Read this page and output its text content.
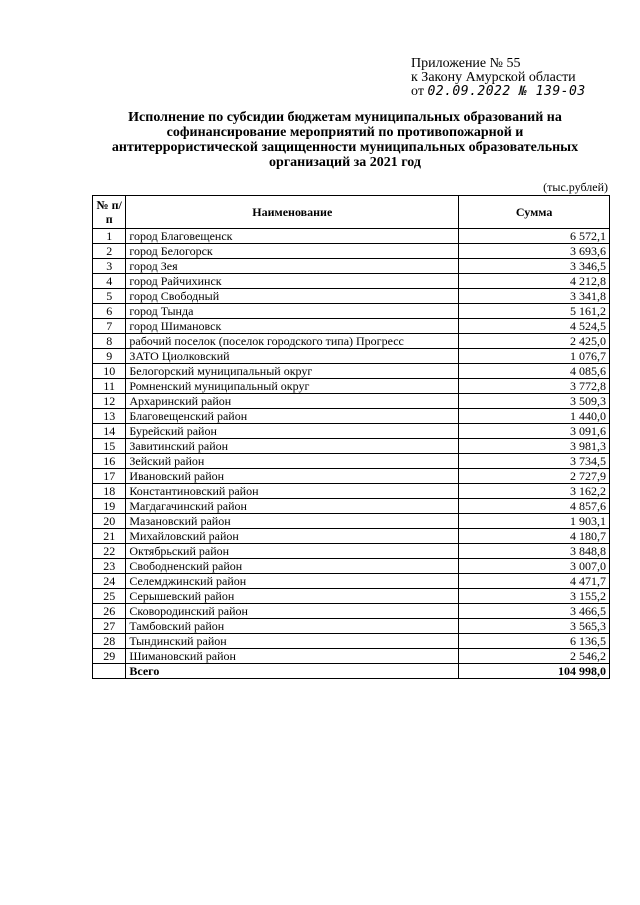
Приложение № 55
к Закону Амурской области
от 02.09.2022 № 139-03
Исполнение по субсидии бюджетам муниципальных образований на
софинансирование мероприятий по противопожарной и
антитеррористической защищенности муниципальных образовательных
организаций за 2021 год
(тыс.рублей)
№ п/п	Наименование	Сумма
1	город Благовещенск	6 572,1
2	город Белогорск	3 693,6
3	город Зея	3 346,5
4	город Райчихинск	4 212,8
5	город Свободный	3 341,8
6	город Тында	5 161,2
7	город Шимановск	4 524,5
8	рабочий поселок (поселок городского типа) Прогресс	2 425,0
9	ЗАТО Циолковский	1 076,7
10	Белогорский муниципальный округ	4 085,6
11	Ромненский муниципальный округ	3 772,8
12	Архаринский район	3 509,3
13	Благовещенский район	1 440,0
14	Бурейский район	3 091,6
15	Завитинский район	3 981,3
16	Зейский район	3 734,5
17	Ивановский район	2 727,9
18	Константиновский район	3 162,2
19	Магдагачинский район	4 857,6
20	Мазановский район	1 903,1
21	Михайловский район	4 180,7
22	Октябрьский район	3 848,8
23	Свободненский район	3 007,0
24	Селемджинский район	4 471,7
25	Серышевский район	3 155,2
26	Сковородинский район	3 466,5
27	Тамбовский район	3 565,3
28	Тындинский район	6 136,5
29	Шимановский район	2 546,2
	Всего	104 998,0
